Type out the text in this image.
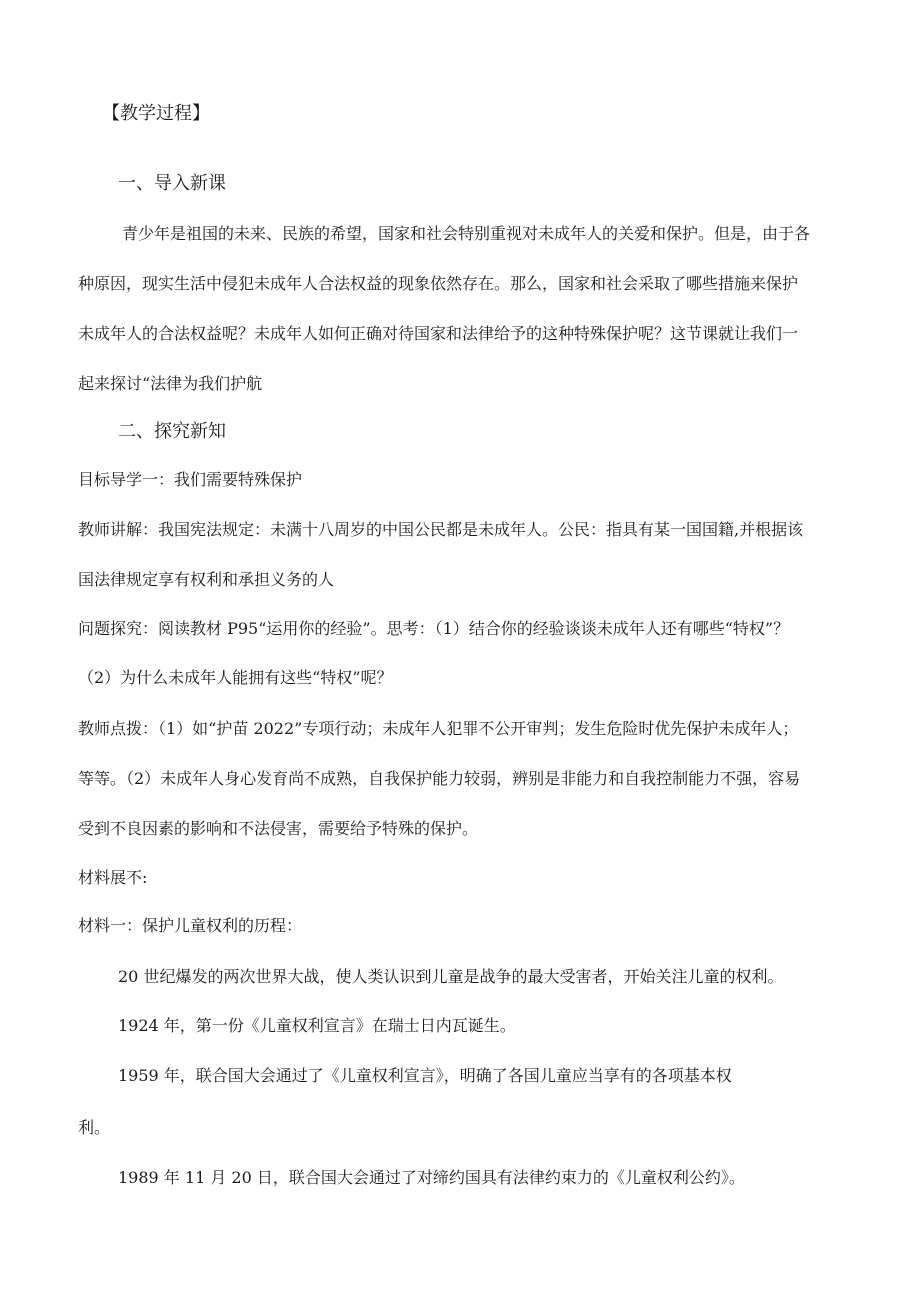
【教学过程】
一、导入新课
青少年是祖国的未来、民族的希望，国家和社会特别重视对未成年人的关爱和保护。但是，由于各
种原因，现实生活中侵犯未成年人合法权益的现象依然存在。那么，国家和社会采取了哪些措施来保护
未成年人的合法权益呢？未成年人如何正确对待国家和法律给予的这种特殊保护呢？这节课就让我们一
起来探讨“法律为我们护航
二、探究新知
目标导学一：我们需要特殊保护
教师讲解：我国宪法规定：未满十八周岁的中国公民都是未成年人。公民：指具有某一国国籍,并根据该
国法律规定享有权利和承担义务的人
问题探究：阅读教材 P95“运用你的经验”。思考：（1）结合你的经验谈谈未成年人还有哪些“特权”？
（2）为什么未成年人能拥有这些“特权”呢？
教师点拨：（1）如“护苗 2022”专项行动；未成年人犯罪不公开审判；发生危险时优先保护未成年人；
等等。（2）未成年人身心发育尚不成熟，自我保护能力较弱，辨别是非能力和自我控制能力不强，容易
受到不良因素的影响和不法侵害，需要给予特殊的保护。
材料展不:
材料一：保护儿童权利的历程：
20 世纪爆发的两次世界大战，使人类认识到儿童是战争的最大受害者，开始关注儿童的权利。
1924 年，第一份《儿童权利宣言》在瑞士日内瓦诞生。
1959 年，联合国大会通过了《儿童权利宣言》，明确了各国儿童应当享有的各项基本权
利。
1989 年 11 月 20 日，联合国大会通过了对缔约国具有法律约束力的《儿童权利公约》。
